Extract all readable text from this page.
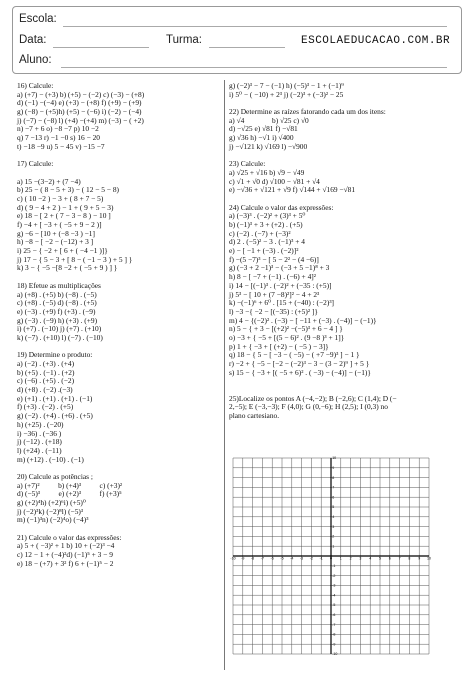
Escola:
Data:	Turma:	ESCOLAEDUCACAO.COM.BR
Aluno:
16) Calcule:
a) (+7) − (+3) b) (+5) − (−2) c) (−3) − (+8)
d) (−1) −(−4) e) (+3) − (+8) f) (+9) − (+9)
g) (−8) − (+5)h) (+5) − (−6) i) (−2) − (−4)
j) (−7) − (−8) l) (+4) −(+4) m) (−3) − ( +2)
n) −7 + 6 o) −8 −7 p) 10 −2
q) 7 −13 r) −1 −0 s) 16 − 20
t) −18 −9 u) 5 − 45 v) −15 −7
17) Calcule:
a) 15 −(3−2) + (7 −4)
b) 25 − ( 8 − 5 + 3) − ( 12 − 5 − 8)
c) ( 10 −2 ) − 3 + ( 8 + 7 − 5)
d) ( 9 − 4 + 2 ) − 1 + ( 9 + 5 − 3)
e) 18 − [ 2 + ( 7 − 3 − 8 ) − 10 ]
f) −4 + [ −3 + ( −5 + 9 − 2 )]
g) −6 − [10 + (−8 −3 ) −1]
h) −8 − [ −2 − (−12) + 3 ]
i) 25 − { −2 + [ 6 + ( −4 −1 )]}
j) 17 − { 5 − 3 + [ 8 − ( −1 − 3 ) + 5 ] }
k) 3 − { −5 −[8 −2 + ( −5 + 9 ) ] }
18) Efetue as multiplicações
a) (+8) . (+5) b) (−8) . (−5)
c) (+8) . (−5) d) (−8) . (+5)
e) (−3) . (+9) f) (+3) . (−9)
g) (−3) . (−9) h) (+3) . (+9)
i) (+7) . (−10) j) (+7) . (+10)
k) (−7) . (+10) l) (−7) . (−10)
19) Determine o produto:
a) (−2) . (+3) . (+4)
b) (+5) . (−1) . (+2)
c) (−6) . (+5) . (−2)
d) (+8) . (−2) .(−3)
e) (+1) . (+1) . (+1) . (−1)
f) (+3) . (−2) . (+5)
g) (−2) . (+4) . (+6) . (+5)
h) (+25) . (−20)
i) −36) . (−36 )
j) (−12) . (+18)
l) (+24) . (−11)
m) (+12) . (−10) . (−1)
20) Calcule as potências ;
a) (+7)²          b) (+4)³          c) (+3)²
d) (−5)³          e) (+2)³          f) (+3)⁵
g) (+2)⁴h) (+2)⁶i) (+5)⁰
j) (−2)³k) (−2)⁸l) (−5)³
m) (−1)³n) (−2)⁴o) (−4)³
21) Calcule o valor das expressões:
a) 5 + ( −3)² + 1 b) 10 + (−2)³ −4
c) 12 − 1 + (−4)²d) (−1)⁵ + 3 − 9
e) 18 − (+7) + 3² f) 6 + (−1)⁵ − 2
g) (−2)³ − 7 − (−1) h) (−5)³ − 1 + (−1)⁹
i) 5⁰ − ( −10) + 2³ j) (−2)³ + (−3)² − 25
22) Determine as raízes fatorando cada um dos itens:
a) √4               b) √25 c) √0
d) −√25 e) √81 f) −√81
g) √36 h) −√1 i) √400
j) −√121 k) √169 l) −√900
23) Calcule:
a) √25 + √16 b) √9 − √49
c) √1 + √0 d) √100 − √81 + √4
e) −√36 + √121 + √9 f) √144 + √169 −√81
24) Calcule o valor das expressões:
a) (−3)³ . (−2)² + (3)³ + 5⁰
b) (−1)³ + 3 + (+2) . (+5)
c) (−2) . (−7) + (−3)²
d) 2 . (−5)² − 3 . (−1)³ + 4
e) − [ −1 + (−3) . (−2)]²
f) −(5 −7)³ − [ 5 − 2² − (4 −6)]
g) (−3 + 2 −1)³ − (−3 + 5 −1)⁸ + 3
h) 8 − [ −7 + (−1) . (−6) + 4]²
i) 14 − [(−1)³ . (−2)² + (−35 : (+5)]
j) 5³ − [ 10 + (7 −8)²]² − 4 + 2³
k) −(−1)⁶ + 6⁰ . [15 + (−40) : (−2)³]
l) −3 −{ −2 − [(−35) : (+5)² ]}
m) 4 − {(−2)² . (−3) − [ −11 + (−3) . (−4)] − (−1)}
n) 5 − { + 3 − [(+2)² −(−5)³ + 6 − 4 ] }
o) −3 + { −5 + [(5 − 6)² . (9 −8 )³ + 1]}
p) 1 + { −3 + [ (+2) − ( −5 ) − 3]}
q) 18 − { 5 − [ −3 − ( −5) − ( +7 −9)³ ] − 1 }
r) −2 + { −5 − [−2 − (−2)³ − 3 − (3 − 2)⁹ ] + 5 }
s) 15 − { −3 + [( −5 + 6)² . ( −3) − (−4)] − (−1)}
25)Localize os pontos A (−4,−2); B (−2,6); C (1,4); D (−
2,−5); E (−3,−3); F (4,0); G (0,−6); H (2,5); I (0,3) no
plano cartesiano.
-10 -9 -8 -7 -6 -5 -4 -3 -2 -1 0 1 2 3 4 5 6 7 8 9 10
10
9
8
7
6
5
4
3
2
1
-1
-2
-3
-4
-5
-6
-7
-8
-9
-10
